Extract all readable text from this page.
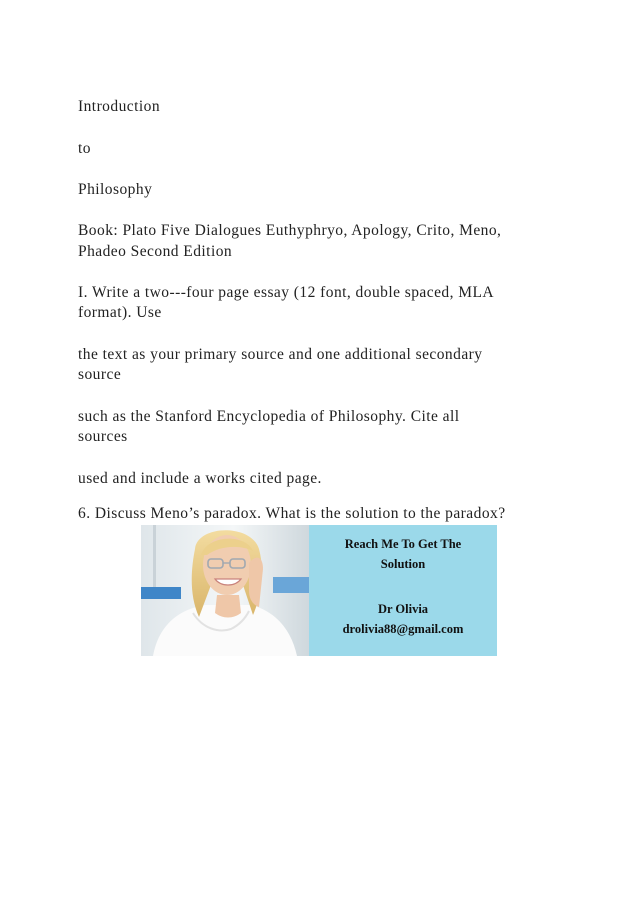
Introduction
to
Philosophy
Book: Plato Five Dialogues Euthyphryo, Apology, Crito, Meno,
Phadeo Second Edition
I. Write a two---four page essay (12 font, double spaced, MLA
format). Use
the text as your primary source and one additional secondary
source
such as the Stanford Encyclopedia of Philosophy. Cite all
sources
used and include a works cited page.
6. Discuss Meno’s paradox. What is the solution to the paradox?
Reach Me To Get The
Solution
Dr Olivia
drolivia88@gmail.com
